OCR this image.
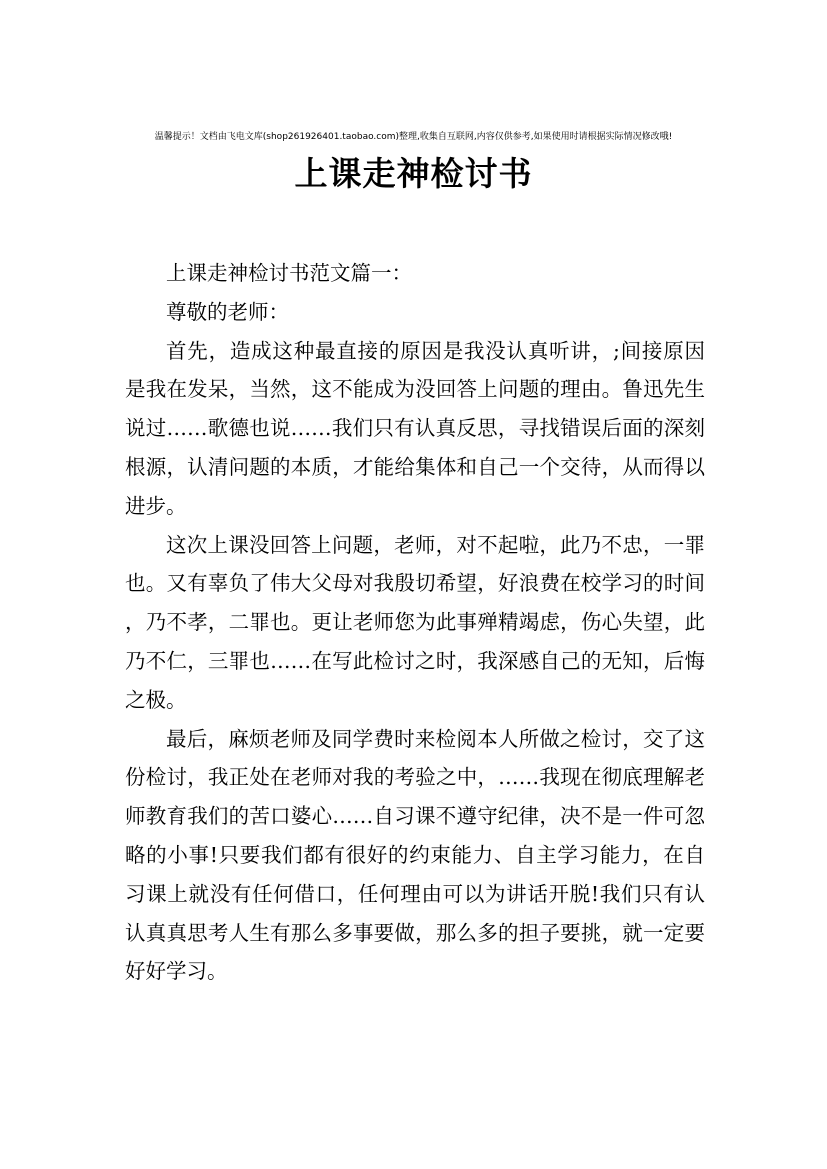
温馨提示！文档由飞电文库(shop261926401.taobao.com)整理,收集自互联网,内容仅供参考,如果使用时请根据实际情况修改哦!
上课走神检讨书

上课走神检讨书范文篇一：

尊敬的老师：

首先，造成这种最直接的原因是我没认真听讲，;间接原因是我在发呆，当然，这不能成为没回答上问题的理由。鲁迅先生说过……歌德也说……我们只有认真反思，寻找错误后面的深刻根源，认清问题的本质，才能给集体和自己一个交待，从而得以进步。

这次上课没回答上问题，老师，对不起啦，此乃不忠，一罪也。又有辜负了伟大父母对我殷切希望，好浪费在校学习的时间，乃不孝，二罪也。更让老师您为此事殚精竭虑，伤心失望，此乃不仁，三罪也……在写此检讨之时，我深感自己的无知，后悔之极。

最后，麻烦老师及同学费时来检阅本人所做之检讨，交了这份检讨，我正处在老师对我的考验之中，……我现在彻底理解老师教育我们的苦口婆心……自习课不遵守纪律，决不是一件可忽略的小事!只要我们都有很好的约束能力、自主学习能力，在自习课上就没有任何借口，任何理由可以为讲话开脱!我们只有认认真真思考人生有那么多事要做，那么多的担子要挑，就一定要好好学习。
